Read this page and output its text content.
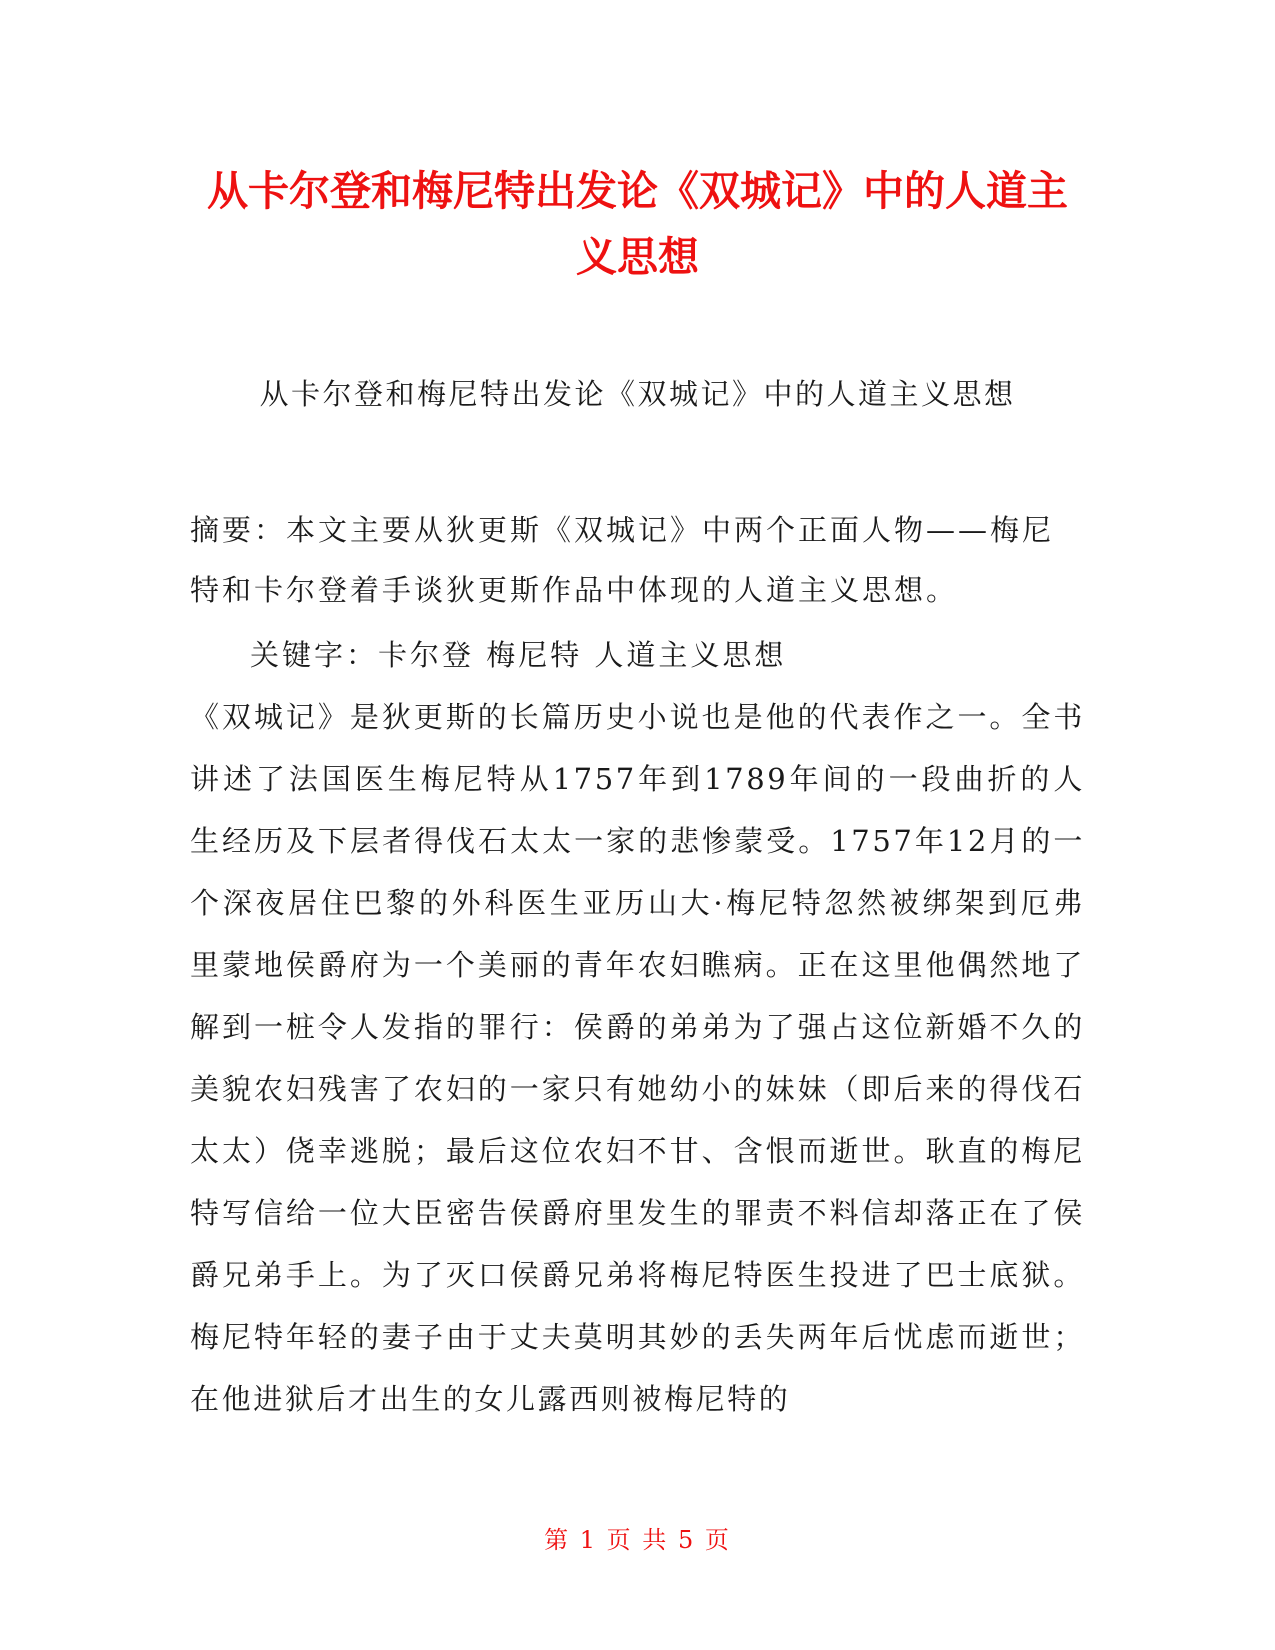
从卡尔登和梅尼特出发论《双城记》中的人道主义思想

从卡尔登和梅尼特出发论《双城记》中的人道主义思想

摘要：本文主要从狄更斯《双城记》中两个正面人物——梅尼特和卡尔登着手谈狄更斯作品中体现的人道主义思想。

关键字：卡尔登 梅尼特 人道主义思想

《双城记》是狄更斯的长篇历史小说也是他的代表作之一。全书讲述了法国医生梅尼特从1757年到1789年间的一段曲折的人生经历及下层者得伐石太太一家的悲惨蒙受。1757年12月的一个深夜居住巴黎的外科医生亚历山大·梅尼特忽然被绑架到厄弗里蒙地侯爵府为一个美丽的青年农妇瞧病。正在这里他偶然地了解到一桩令人发指的罪行：侯爵的弟弟为了强占这位新婚不久的美貌农妇残害了农妇的一家只有她幼小的妹妹（即后来的得伐石太太）侥幸逃脱；最后这位农妇不甘、含恨而逝世。耿直的梅尼特写信给一位大臣密告侯爵府里发生的罪责不料信却落正在了侯爵兄弟手上。为了灭口侯爵兄弟将梅尼特医生投进了巴士底狱。梅尼特年轻的妻子由于丈夫莫明其妙的丢失两年后忧虑而逝世；在他进狱后才出生的女儿露西则被梅尼特的

第 1 页 共 5 页
